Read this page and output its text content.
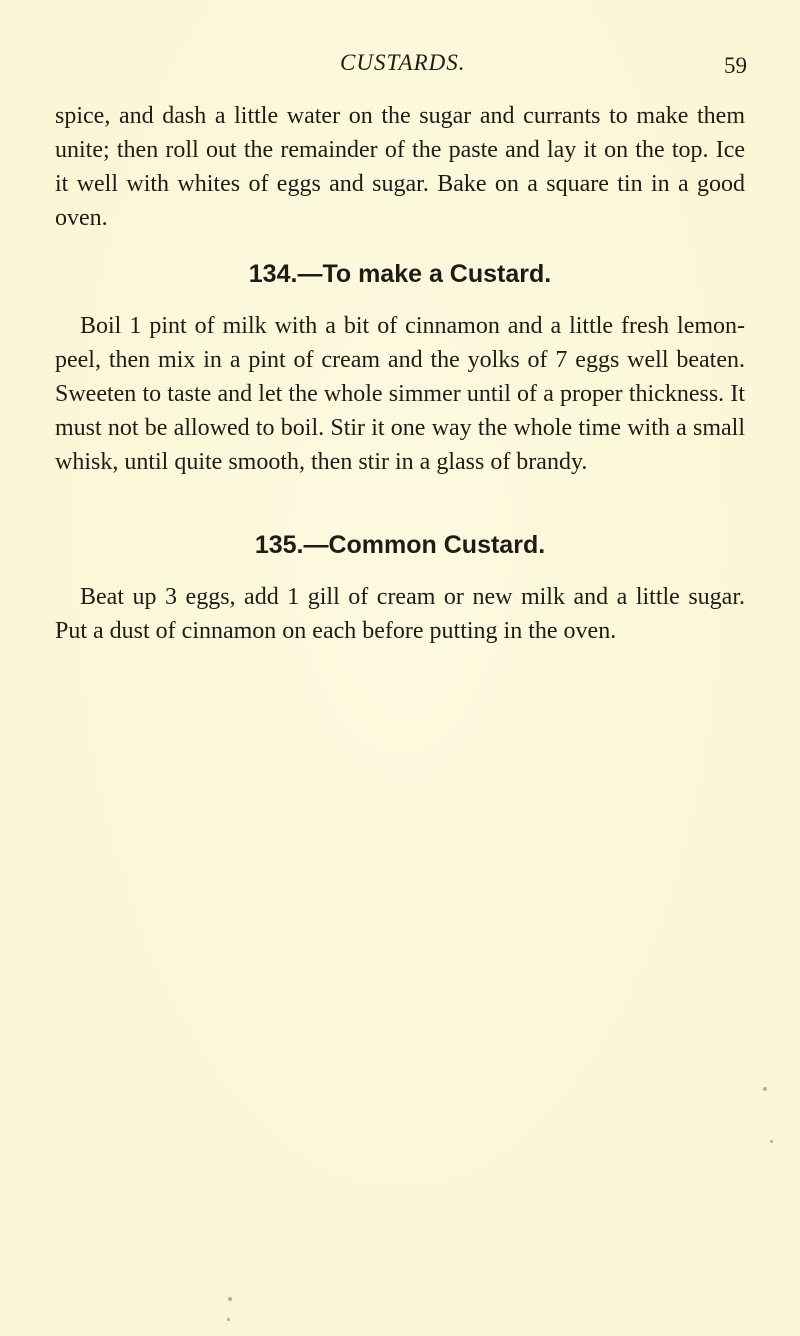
CUSTARDS.	59

spice, and dash a little water on the sugar and currants to make them unite; then roll out the remainder of the paste and lay it on the top. Ice it well with whites of eggs and sugar. Bake on a square tin in a good oven.

134.—To make a Custard.

Boil 1 pint of milk with a bit of cinnamon and a little fresh lemon-peel, then mix in a pint of cream and the yolks of 7 eggs well beaten. Sweeten to taste and let the whole simmer until of a proper thickness. It must not be allowed to boil. Stir it one way the whole time with a small whisk, until quite smooth, then stir in a glass of brandy.

135.—Common Custard.

Beat up 3 eggs, add 1 gill of cream or new milk and a little sugar. Put a dust of cinnamon on each before putting in the oven.
